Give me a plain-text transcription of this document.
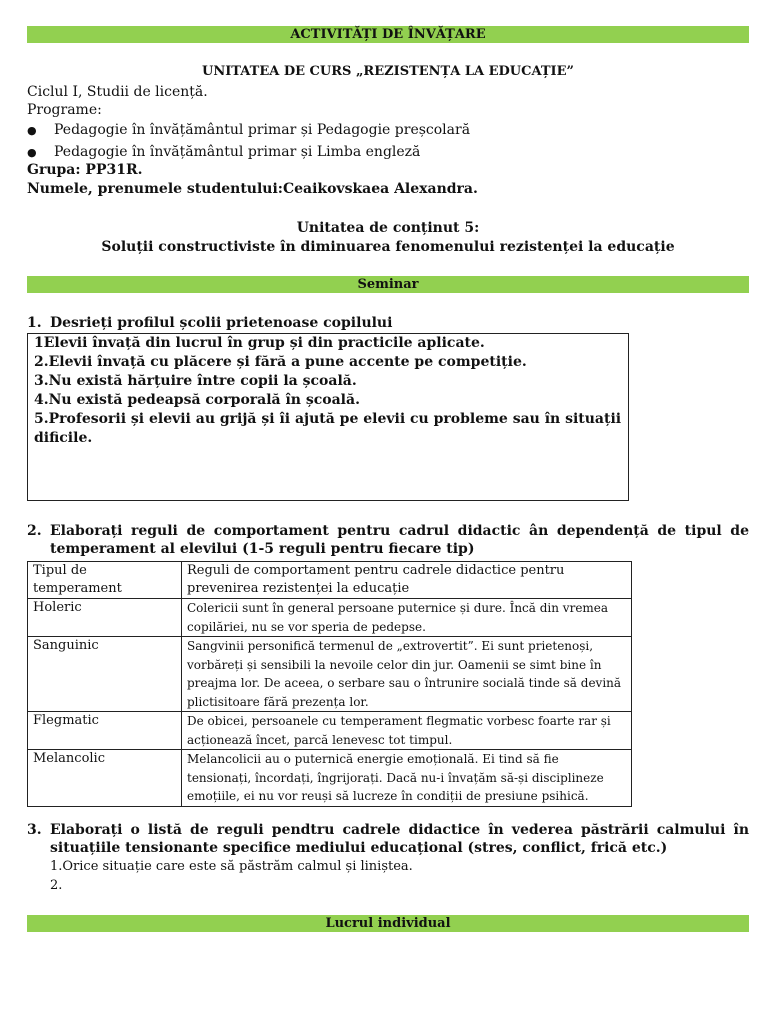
ACTIVITĂȚI DE ÎNVĂȚARE
UNITATEA DE CURS „REZISTENȚA LA EDUCAȚIE”
Ciclul I, Studii de licență.
Programe:
● Pedagogie în învățământul primar și Pedagogie preșcolară
● Pedagogie în învățământul primar și Limba engleză
Grupa: PP31R.
Numele, prenumele studentului:Ceaikovskaea Alexandra.
Unitatea de conținut 5:
Soluții constructiviste în diminuarea fenomenului rezistenței la educație
Seminar
1. Desrieți profilul școlii prietenoase copilului
1Elevii învață din lucrul în grup și din practicile aplicate.
2.Elevii învață cu plăcere și fără a pune accente pe competiție.
3.Nu există hărțuire între copii la școală.
4.Nu există pedeapsă corporală în școală.
5.Profesorii și elevii au grijă și îi ajută pe elevii cu probleme sau în situații dificile.
2. Elaborați reguli de comportament pentru cadrul didactic ân dependență de tipul de temperament al elevilui (1-5 reguli pentru fiecare tip)
Tipul de temperament	Reguli de comportament pentru cadrele didactice pentru prevenirea rezistenței la educație
Holeric	Colericii sunt în general persoane puternice și dure. Încă din vremea copilăriei, nu se vor speria de pedepse.
Sanguinic	Sangvinii personifică termenul de „extrovertit”. Ei sunt prietenoși, vorbăreți și sensibili la nevoile celor din jur. Oamenii se simt bine în preajma lor. De aceea, o serbare sau o întrunire socială tinde să devină plictisitoare fără prezența lor.
Flegmatic	De obicei, persoanele cu temperament flegmatic vorbesc foarte rar și acționează încet, parcă lenevesc tot timpul.
Melancolic	Melancolicii au o puternică energie emoțională. Ei tind să fie tensionați, încordați, îngrijorați. Dacă nu-i învațăm să-și disciplinezе emoțiile, ei nu vor reuși să lucreze în condiții de presiune psihică.
3. Elaborați o listă de reguli pendtru cadrele didactice în vederea păstrării calmului în situațiile tensionante specifice mediului educațional (stres, conflict, frică etc.)
1.Orice situație care este să păstrăm calmul și liniștea.
2.
Lucrul individual
